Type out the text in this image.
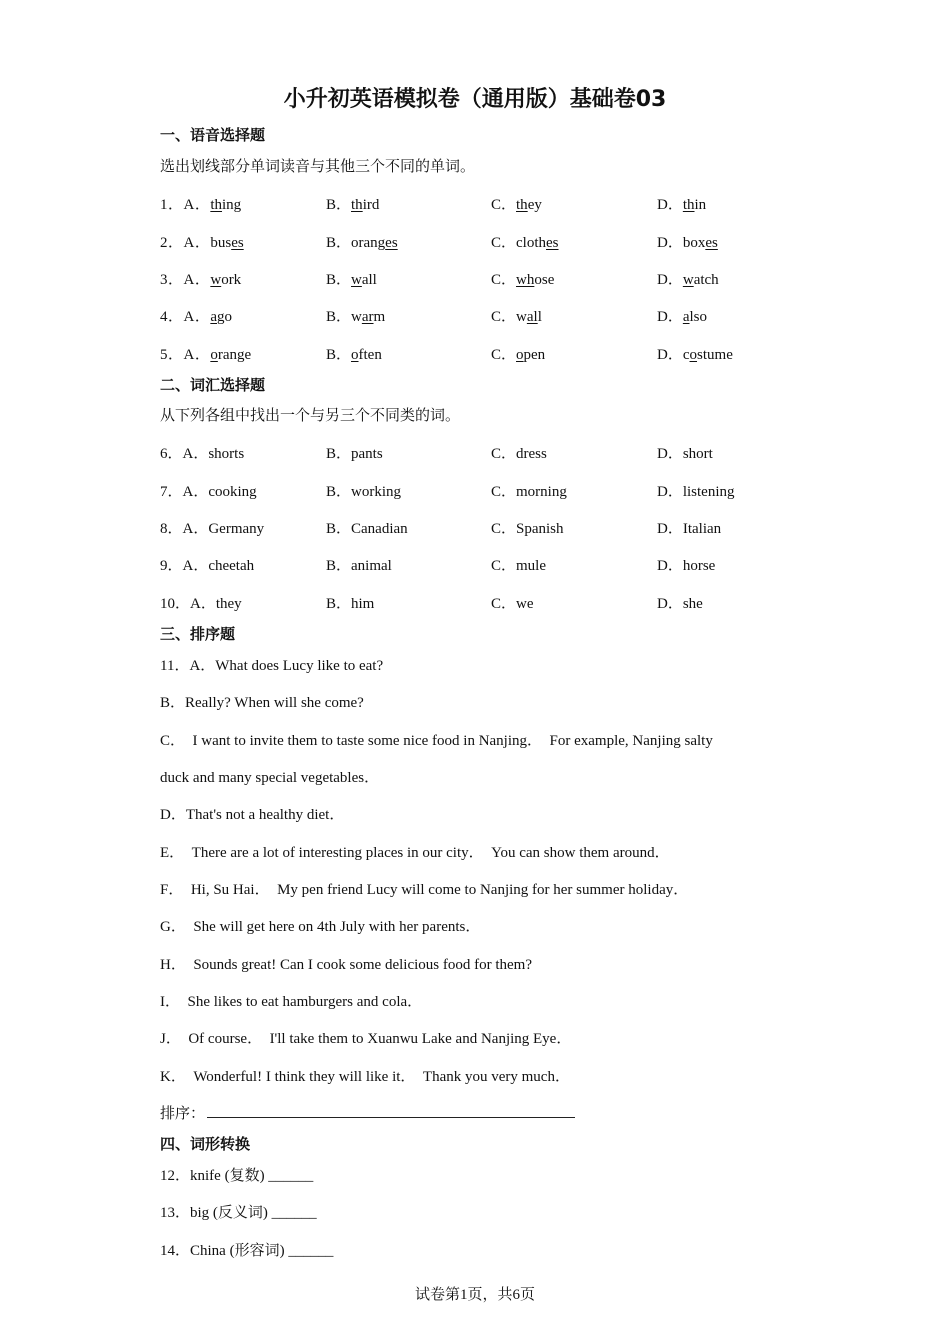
小升初英语模拟卷（通用版）基础卷03
一、语音选择题
选出划线部分单词读音与其他三个不同的单词。
1．A．thing	B．third	C．they	D．thin
2．A．buses	B．oranges	C．clothes	D．boxes
3．A．work	B．wall	C．whose	D．watch
4．A．ago	B．warm	C．wall	D．also
5．A．orange	B．often	C．open	D．costume
二、词汇选择题
从下列各组中找出一个与另三个不同类的词。
6．A．shorts	B．pants	C．dress	D．short
7．A．cooking	B．working	C．morning	D．listening
8．A．Germany	B．Canadian	C．Spanish	D．Italian
9．A．cheetah	B．animal	C．mule	D．horse
10．A．they	B．him	C．we	D．she
三、排序题
11．A．What does Lucy like to eat?
B．Really? When will she come?
C．　I want to invite them to taste some nice food in Nanjing．　For example, Nanjing salty
duck and many special vegetables．
D．That's not a healthy diet．
E．　There are a lot of interesting places in our city．　You can show them around．
F．　Hi, Su Hai．　My pen friend Lucy will come to Nanjing for her summer holiday．
G．　She will get here on 4th July with her parents．
H．　Sounds great! Can I cook some delicious food for them?
I．　She likes to eat hamburgers and cola．
J．　Of course．　I'll take them to Xuanwu Lake and Nanjing Eye．
K．　Wonderful! I think they will like it．　Thank you very much．
排序：
四、词形转换
12．knife (复数) ______
13．big (反义词) ______
14．China (形容词) ______
试卷第1页，共6页
